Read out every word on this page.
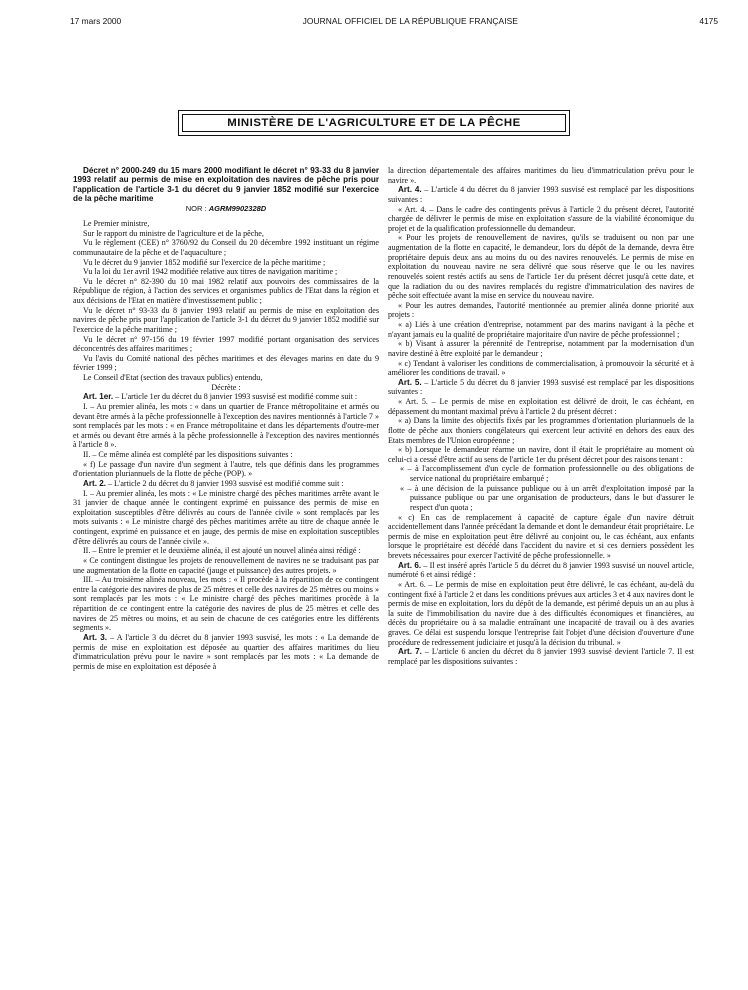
17 mars 2000	JOURNAL OFFICIEL DE LA RÉPUBLIQUE FRANÇAISE	4175
MINISTÈRE DE L'AGRICULTURE ET DE LA PÊCHE

Décret n° 2000-249 du 15 mars 2000 modifiant le décret n° 93-33 du 8 janvier 1993 relatif au permis de mise en exploitation des navires de pêche pris pour l'application de l'article 3-1 du décret du 9 janvier 1852 modifié sur l'exercice de la pêche maritime

NOR : AGRM9902328D

Le Premier ministre,

Sur le rapport du ministre de l'agriculture et de la pêche,

Vu le règlement (CEE) n° 3760/92 du Conseil du 20 décembre 1992 instituant un régime communautaire de la pêche et de l'aquaculture ;

Vu le décret du 9 janvier 1852 modifié sur l'exercice de la pêche maritime ;

Vu la loi du 1er avril 1942 modifiée relative aux titres de navigation maritime ;

Vu le décret n° 82-390 du 10 mai 1982 relatif aux pouvoirs des commissaires de la République de région, à l'action des services et organismes publics de l'Etat dans la région et aux décisions de l'Etat en matière d'investissement public ;

Vu le décret n° 93-33 du 8 janvier 1993 relatif au permis de mise en exploitation des navires de pêche pris pour l'application de l'article 3-1 du décret du 9 janvier 1852 modifié sur l'exercice de la pêche maritime ;

Vu le décret n° 97-156 du 19 février 1997 modifié portant organisation des services déconcentrés des affaires maritimes ;

Vu l'avis du Comité national des pêches maritimes et des élevages marins en date du 9 février 1999 ;

Le Conseil d'Etat (section des travaux publics) entendu,

Décrète :

Art. 1er. – L'article 1er du décret du 8 janvier 1993 susvisé est modifié comme suit :

I. – Au premier alinéa, les mots : « dans un quartier de France métropolitaine et armés ou devant être armés à la pêche professionnelle à l'exception des navires mentionnés à l'article 7 » sont remplacés par les mots : « en France métropolitaine et dans les départements d'outre-mer et armés ou devant être armés à la pêche professionnelle à l'exception des navires mentionnés à l'article 8 ».

II. – Ce même alinéa est complété par les dispositions suivantes :

« f) Le passage d'un navire d'un segment à l'autre, tels que définis dans les programmes d'orientation pluriannuels de la flotte de pêche (POP). »

Art. 2. – L'article 2 du décret du 8 janvier 1993 susvisé est modifié comme suit :

I. – Au premier alinéa, les mots : « Le ministre chargé des pêches maritimes arrête avant le 31 janvier de chaque année le contingent exprimé en puissance des permis de mise en exploitation susceptibles d'être délivrés au cours de l'année civile » sont remplacés par les mots suivants : « Le ministre chargé des pêches maritimes arrête au titre de chaque année le contingent, exprimé en puissance et en jauge, des permis de mise en exploitation susceptibles d'être délivrés au cours de l'année civile ».

II. – Entre le premier et le deuxième alinéa, il est ajouté un nouvel alinéa ainsi rédigé :

« Ce contingent distingue les projets de renouvellement de navires ne se traduisant pas par une augmentation de la flotte en capacité (jauge et puissance) des autres projets. »

III. – Au troisième alinéa nouveau, les mots : « Il procède à la répartition de ce contingent entre la catégorie des navires de plus de 25 mètres et celle des navires de 25 mètres ou moins » sont remplacés par les mots : « Le ministre chargé des pêches maritimes procède à la répartition de ce contingent entre la catégorie des navires de plus de 25 mètres et celle des navires de 25 mètres ou moins, et au sein de chacune de ces catégories entre les différents segments ».

Art. 3. – A l'article 3 du décret du 8 janvier 1993 susvisé, les mots : « La demande de permis de mise en exploitation est déposée au quartier des affaires maritimes du lieu d'immatriculation prévu pour le navire » sont remplacés par les mots : « La demande de permis de mise en exploitation est déposée à

la direction départementale des affaires maritimes du lieu d'immatriculation prévu pour le navire ».

Art. 4. – L'article 4 du décret du 8 janvier 1993 susvisé est remplacé par les dispositions suivantes :

« Art. 4. – Dans le cadre des contingents prévus à l'article 2 du présent décret, l'autorité chargée de délivrer le permis de mise en exploitation s'assure de la viabilité économique du projet et de la qualification professionnelle du demandeur.

« Pour les projets de renouvellement de navires, qu'ils se traduisent ou non par une augmentation de la flotte en capacité, le demandeur, lors du dépôt de la demande, devra être propriétaire depuis deux ans au moins du ou des navires renouvelés. Le permis de mise en exploitation du nouveau navire ne sera délivré que sous réserve que le ou les navires renouvelés soient restés actifs au sens de l'article 1er du présent décret jusqu'à cette date, et que la radiation du ou des navires remplacés du registre d'immatriculation des navires de pêche soit effectuée avant la mise en service du nouveau navire.

« Pour les autres demandes, l'autorité mentionnée au premier alinéa donne priorité aux projets :

« a) Liés à une création d'entreprise, notamment par des marins navigant à la pêche et n'ayant jamais eu la qualité de propriétaire majoritaire d'un navire de pêche professionnel ;

« b) Visant à assurer la pérennité de l'entreprise, notamment par la modernisation d'un navire destiné à être exploité par le demandeur ;

« c) Tendant à valoriser les conditions de commercialisation, à promouvoir la sécurité et à améliorer les conditions de travail. »

Art. 5. – L'article 5 du décret du 8 janvier 1993 susvisé est remplacé par les dispositions suivantes :

« Art. 5. – Le permis de mise en exploitation est délivré de droit, le cas échéant, en dépassement du montant maximal prévu à l'article 2 du présent décret :

« a) Dans la limite des objectifs fixés par les programmes d'orientation pluriannuels de la flotte de pêche aux thoniers congélateurs qui exercent leur activité en dehors des eaux des Etats membres de l'Union européenne ;

« b) Lorsque le demandeur réarme un navire, dont il était le propriétaire au moment où celui-ci a cessé d'être actif au sens de l'article 1er du présent décret pour des raisons tenant :

« – à l'accomplissement d'un cycle de formation professionnelle ou des obligations de service national du propriétaire embarqué ;

« – à une décision de la puissance publique ou à un arrêt d'exploitation imposé par la puissance publique ou par une organisation de producteurs, dans le but d'assurer le respect d'un quota ;

« c) En cas de remplacement à capacité de capture égale d'un navire détruit accidentellement dans l'année précédant la demande et dont le demandeur était propriétaire. Le permis de mise en exploitation peut être délivré au conjoint ou, le cas échéant, aux enfants lorsque le propriétaire est décédé dans l'accident du navire et si ces derniers possèdent les brevets nécessaires pour exercer l'activité de pêche professionnelle. »

Art. 6. – Il est inséré après l'article 5 du décret du 8 janvier 1993 susvisé un nouvel article, numéroté 6 et ainsi rédigé :

« Art. 6. – Le permis de mise en exploitation peut être délivré, le cas échéant, au-delà du contingent fixé à l'article 2 et dans les conditions prévues aux articles 3 et 4 aux navires dont le permis de mise en exploitation, lors du dépôt de la demande, est périmé depuis un an au plus à la suite de l'immobilisation du navire due à des difficultés économiques et financières, au décès du propriétaire ou à sa maladie entraînant une incapacité de travail ou à des avaries graves. Ce délai est suspendu lorsque l'entreprise fait l'objet d'une décision d'ouverture d'une procédure de redressement judiciaire et jusqu'à la décision du tribunal. »

Art. 7. – L'article 6 ancien du décret du 8 janvier 1993 susvisé devient l'article 7. Il est remplacé par les dispositions suivantes :
